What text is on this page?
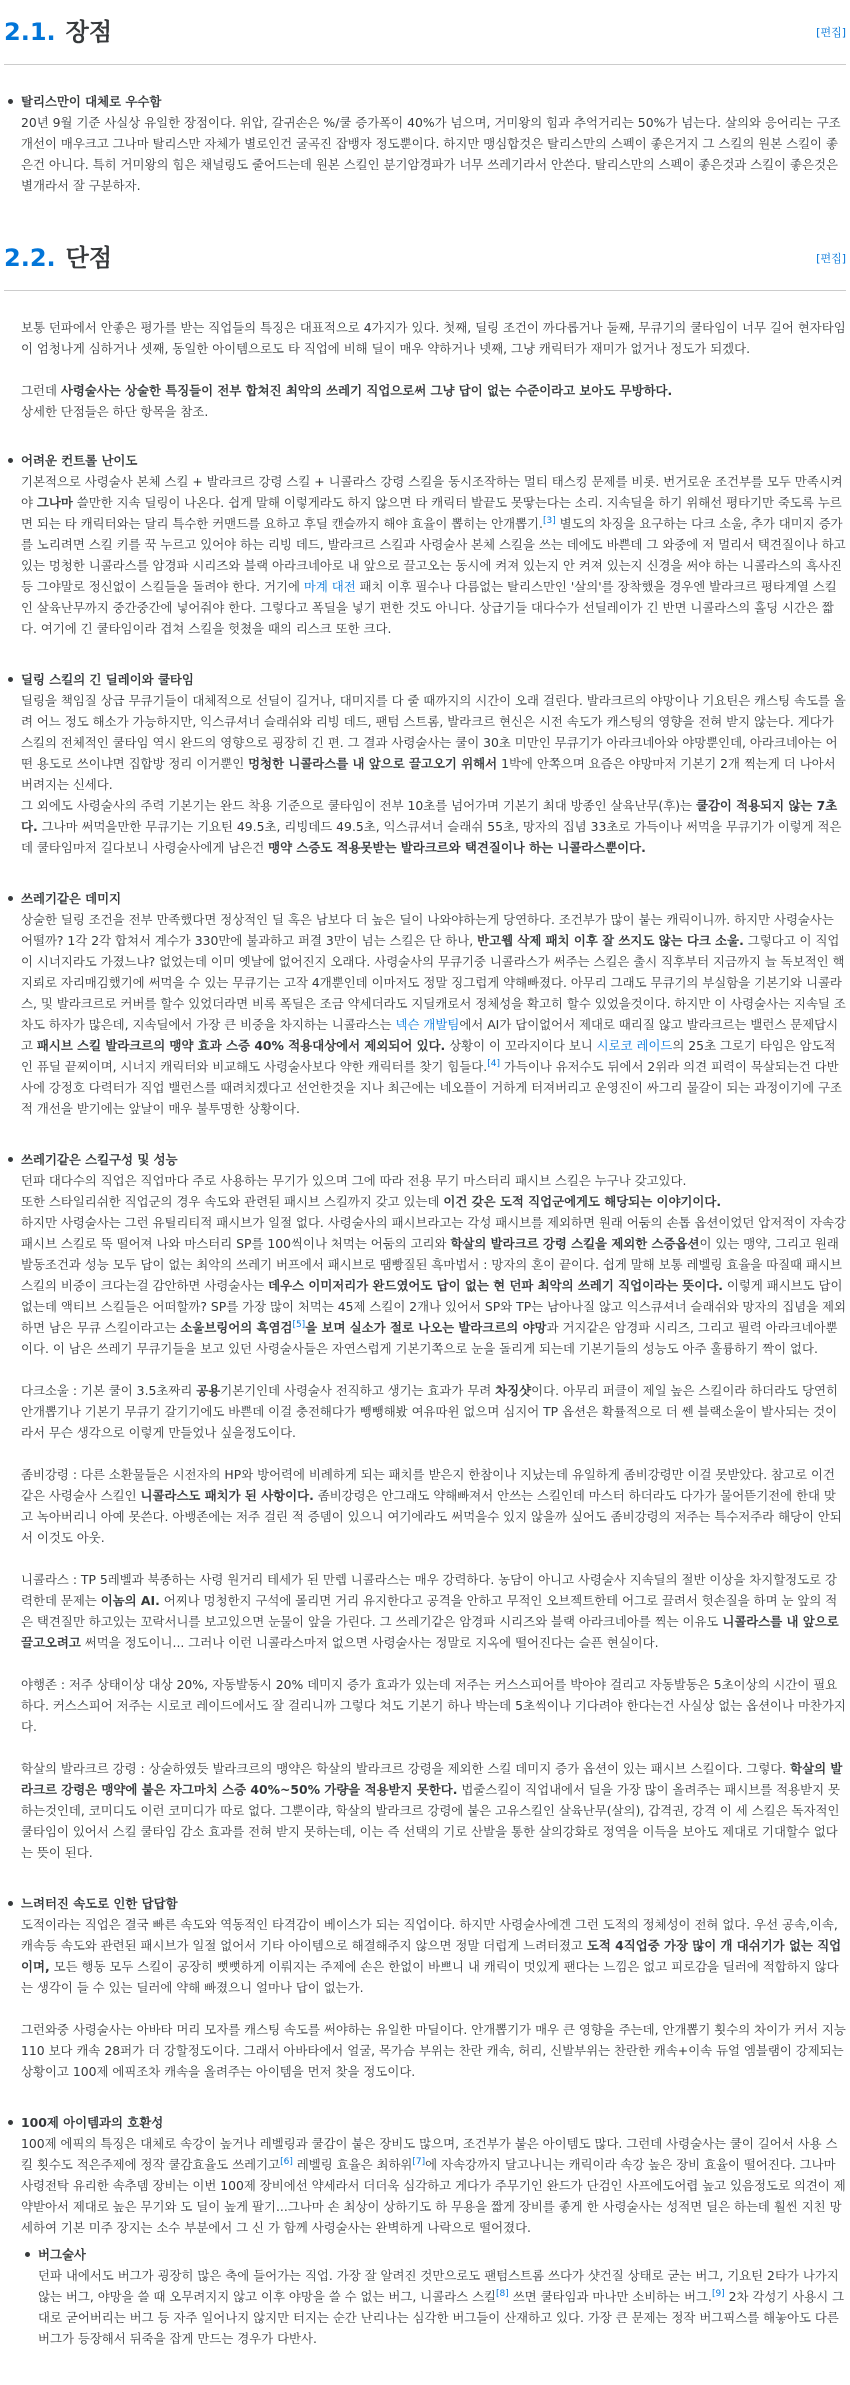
2.1. 장점	[편집]
탈리스만이 대체로 우수함
20년 9월 기준 사실상 유일한 장점이다. 위압, 갈귀손은 %/쿨 증가폭이 40%가 넘으며, 거미왕의 힘과 추억거리는 50%가 넘는다. 살의와 응어리는 구조개선이 매우크고 그나마 탈리스만 자체가 별로인건 굴곡진 잡뱅자 정도뿐이다. 하지만 맹심합것은 탈리스만의 스펙이 좋은거지 그 스킬의 원본 스킬이 좋은건 아니다. 특히 거미왕의 힘은 채널링도 줄어드는데 원본 스킬인 분기암경파가 너무 쓰레기라서 안쓴다. 탈리스만의 스펙이 좋은것과 스킬이 좋은것은 별개라서 잘 구분하자.
2.2. 단점	[편집]

보통 던파에서 안좋은 평가를 받는 직업들의 특징은 대표적으로 4가지가 있다. 첫째, 딜링 조건이 까다롭거나 둘째, 무큐기의 쿨타임이 너무 길어 현자타임이 엄청나게 심하거나 셋째, 동일한 아이템으로도 타 직업에 비해 딜이 매우 약하거나 넷째, 그냥 캐릭터가 재미가 없거나 정도가 되겠다.

그런데 사령술사는 상술한 특징들이 전부 합쳐진 최악의 쓰레기 직업으로써 그냥 답이 없는 수준이라고 보아도 무방하다.
상세한 단점들은 하단 항목을 참조.

어려운 컨트롤 난이도
기본적으로 사령술사 본체 스킬 + 발라크르 강령 스킬 + 니콜라스 강령 스킬을 동시조작하는 멀티 태스킹 문제를 비롯. 번거로운 조건부를 모두 만족시켜야 그나마 쓸만한 지속 딜링이 나온다. 쉽게 말해 이렇게라도 하지 않으면 타 캐릭터 발끝도 못땋는다는 소리. 지속딜을 하기 위해선 평타기만 죽도록 누르면 되는 타 캐릭터와는 달리 특수한 커맨드를 요하고 후딜 캔슬까지 해야 효율이 뽑히는 안개뽑기.[3] 별도의 차징을 요구하는 다크 소울, 추가 대미지 증가를 노리려면 스킬 키를 꾹 누르고 있어야 하는 리빙 데드, 발라크르 스킬과 사령술사 본체 스킬을 쓰는 데에도 바쁜데 그 와중에 저 멀리서 택견질이나 하고 있는 멍청한 니콜라스를 암경파 시리즈와 블랙 아라크네아로 내 앞으로 끌고오는 동시에 켜져 있는지 안 켜져 있는지 신경을 써야 하는 니콜라스의 흑사진 등 그야말로 정신없이 스킬들을 돌려야 한다. 거기에 마계 대전 패치 이후 필수나 다름없는 탈리스만인 '살의'를 장착했을 경우엔 발라크르 평타계열 스킬인 살육난무까지 중간중간에 넣어줘야 한다. 그렇다고 폭딜을 넣기 편한 것도 아니다. 상급기들 대다수가 선딜레이가 긴 반면 니콜라스의 홀딩 시간은 짧다. 여기에 긴 쿨타임이라 겹쳐 스킬을 헛쳤을 때의 리스크 또한 크다.
딜링 스킬의 긴 딜레이와 쿨타임
딜링을 책임질 상급 무큐기들이 대체적으로 선딜이 길거나, 대미지를 다 줄 때까지의 시간이 오래 걸린다. 발라크르의 야망이나 기요틴은 캐스팅 속도를 올려 어느 정도 해소가 가능하지만, 익스큐셔너 슬래쉬와 리빙 데드, 팬텀 스트롬, 발라크르 현신은 시전 속도가 캐스팅의 영향을 전혀 받지 않는다. 게다가 스킬의 전체적인 쿨타임 역시 완드의 영향으로 굉장히 긴 편. 그 결과 사령술사는 쿨이 30초 미만인 무큐기가 아라크네아와 야망뿐인데, 아라크네아는 어떤 용도로 쓰이냐면 집합방 정리 이거뿐인 멍청한 니콜라스를 내 앞으로 끌고오기 위해서 1박에 안쪽으며 요즘은 야망마저 기본기 2개 찍는게 더 나아서 버려지는 신세다.
그 외에도 사령술사의 주력 기본기는 완드 착용 기준으로 쿨타임이 전부 10초를 넘어가며 기본기 최대 방종인 살육난무(후)는 쿨감이 적용되지 않는 7초다. 그나마 써먹을만한 무큐기는 기요틴 49.5초, 리빙데드 49.5초, 익스큐셔너 슬래쉬 55초, 망자의 집념 33초로 가득이나 써먹을 무큐기가 이렇게 적은데 쿨타임마저 길다보니 사령술사에게 남은건 맹약 스증도 적용못받는 발라크르와 택견질이나 하는 니콜라스뿐이다.
쓰레기같은 데미지
상술한 딜링 조건을 전부 만족했다면 정상적인 딜 혹은 남보다 더 높은 딜이 나와야하는게 당연하다. 조건부가 많이 붙는 캐릭이니까. 하지만 사령술사는 어떨까? 1각 2각 합쳐서 계수가 330만에 불과하고 퍼결 3만이 넘는 스킬은 단 하나, 반고웹 삭제 패치 이후 잘 쓰지도 않는 다크 소울. 그렇다고 이 직업이 시너지라도 가졌느냐? 없었는데 이미 옛날에 없어진지 오래다. 사령술사의 무큐기중 니콜라스가 써주는 스킬은 출시 직후부터 지금까지 늘 독보적인 핵지뢰로 자리매김했기에 써먹을 수 있는 무큐기는 고작 4개뿐인데 이마저도 정말 징그럽게 약해빠졌다. 아무리 그래도 무큐기의 부실함을 기본기와 니콜라스, 및 발라크르로 커버를 할수 있었더라면 비록 폭딜은 조금 약세더라도 지딜캐로서 정체성을 확고히 할수 있었을것이다. 하지만 이 사령술사는 지속딜 조차도 하자가 많은데, 지속딜에서 가장 큰 비중을 차지하는 니콜라스는 넥슨 개발팀에서 AI가 답이없어서 제대로 때리질 않고 발라크르는 밸런스 문제답시고 패시브 스킬 발라크르의 맹약 효과 스증 40% 적용대상에서 제외되어 있다. 상황이 이 꼬라지이다 보니 시로코 레이드의 25초 그로기 타임은 암도적인 퓨딜 끝찌이며, 시너지 캐릭터와 비교해도 사령술사보다 약한 캐릭터를 찾기 힘들다.[4] 가득이나 유저수도 뒤에서 2위라 의견 피력이 묵살되는건 다반사에 강정호 다력터가 직업 밸런스를 때려치겠다고 선언한것을 지나 최근에는 네오플이 거하게 터져버리고 운영진이 싸그리 물갈이 되는 과정이기에 구조적 개선을 받기에는 앞날이 매우 불투명한 상황이다.
쓰레기같은 스킬구성 및 성능
던파 대다수의 직업은 직업마다 주로 사용하는 무기가 있으며 그에 따라 전용 무기 마스터리 패시브 스킬은 누구나 갖고있다.
또한 스타일리쉬한 직업군의 경우 속도와 관련된 패시브 스킬까지 갖고 있는데 이건 갖은 도적 직업군에게도 해당되는 이야기이다.
하지만 사령술사는 그런 유틸리티적 패시브가 일절 없다. 사령술사의 패시브라고는 각성 패시브를 제외하면 원래 어둠의 손톱 옵션이었던 압저적이 자속강 패시브 스킬로 뚝 떨어져 나와 마스터리 SP를 100씩이나 처먹는 어둠의 고리와 학살의 발라크르 강령 스킬을 제외한 스증옵션이 있는 맹약, 그리고 원래 발동조건과 성능 모두 답이 없는 최악의 쓰레기 버프에서 패시브로 땜빵질된 흑마법서 : 망자의 혼이 끝이다. 쉽게 말해 보통 레벨링 효율을 따질때 패시브 스킬의 비중이 크다는걸 감안하면 사령술사는 데우스 이미저리가 완드였어도 답이 없는 현 던파 최악의 쓰레기 직업이라는 뜻이다. 이렇게 패시브도 답이 없는데 액티브 스킬들은 어떠할까? SP를 가장 많이 처먹는 45제 스킬이 2개나 있어서 SP와 TP는 남아나질 않고 익스큐셔너 슬래쉬와 망자의 집념을 제외하면 남은 무큐 스킬이라고는 소울브링어의 흑염검[5]을 보며 실소가 절로 나오는 발라크르의 야망과 거지같은 암경파 시리즈, 그리고 필력 아라크네아뿐이다. 이 남은 쓰레기 무큐기들을 보고 있던 사령술사들은 자연스럽게 기본기쪽으로 눈을 돌리게 되는데 기본기들의 성능도 아주 훌륭하기 짝이 없다.

다크소울 : 기본 쿨이 3.5초짜리 공용기본기인데 사령술사 전직하고 생기는 효과가 무려 차징샷이다. 아무리 퍼클이 제일 높은 스킬이라 하더라도 당연히 안개뽑기나 기본기 무큐기 갈기기에도 바쁜데 이걸 충전해다가 뺑뺑해봤 여유따윈 없으며 심지어 TP 옵션은 확률적으로 더 쎈 블랙소울이 발사되는 것이라서 무슨 생각으로 이렇게 만들었나 싶을정도이다.

좀비강령 : 다른 소환물들은 시전자의 HP와 방어력에 비례하게 되는 패치를 받은지 한참이나 지났는데 유일하게 좀비강령만 이걸 못받았다. 참고로 이건 같은 사령술사 스킬인 니콜라스도 패치가 된 사항이다. 좀비강령은 안그래도 약해빠져서 안쓰는 스킬인데 마스터 하더라도 다가가 물어뜯기전에 한대 맞고 녹아버리니 아예 못쓴다. 아뱅존에는 저주 걸린 적 증뎀이 있으니 여기에라도 써먹을수 있지 않을까 싶어도 좀비강령의 저주는 특수저주라 해당이 안되서 이것도 아웃.

니콜라스 : TP 5레벨과 북종하는 사령 원거리 테세가 된 만렙 니콜라스는 매우 강력하다. 농담이 아니고 사령술사 지속딜의 절반 이상을 차지할정도로 강력한데 문제는 이놈의 AI. 어찌나 멍청한지 구석에 몰리면 거리 유지한다고 공격을 안하고 무적인 오브젝트한테 어그로 끌려서 헛손질을 하며 눈 앞의 적은 택견질만 하고있는 꼬락서니를 보고있으면 눈물이 앞을 가린다. 그 쓰레기같은 암경파 시리즈와 블랙 아라크네아를 찍는 이유도 니콜라스를 내 앞으로 끌고오려고 써먹을 정도이니... 그러나 이런 니콜라스마저 없으면 사령술사는 정말로 지옥에 떨어진다는 슬픈 현실이다.

야행존 : 저주 상태이상 대상 20%, 자동발동시 20% 데미지 증가 효과가 있는데 저주는 커스스피어를 박아야 걸리고 자동발동은 5초이상의 시간이 필요하다. 커스스피어 저주는 시로코 레이드에서도 잘 걸리니까 그렇다 쳐도 기본기 하나 박는데 5초씩이나 기다려야 한다는건 사실상 없는 옵션이나 마찬가지다.

학살의 발라크르 강령 : 상술하였듯 발라크르의 맹약은 학살의 발라크르 강령을 제외한 스킬 데미지 증가 옵션이 있는 패시브 스킬이다. 그렇다. 학살의 발라크르 강령은 맹약에 붙은 자그마치 스증 40%~50% 가량을 적용받지 못한다. 법줄스킬이 직업내에서 딜을 가장 많이 올려주는 패시브를 적용받지 못하는것인데, 코미디도 이런 코미디가 따로 없다. 그뿐이랴, 학살의 발라크르 강령에 붙은 고유스킬인 살육난무(살의), 갑격권, 강격 이 세 스킬은 독자적인 쿨타임이 있어서 스킬 쿨타임 감소 효과를 전혀 받지 못하는데, 이는 즉 선택의 기로 산발을 통한 살의강화로 정역을 이득을 보아도 제대로 기대할수 없다는 뜻이 된다.
느려터진 속도로 인한 답답함
도적이라는 직업은 결국 빠른 속도와 역동적인 타격감이 베이스가 되는 직업이다. 하지만 사령술사에겐 그런 도적의 정체성이 전혀 없다. 우선 공속,이속,캐속등 속도와 관련된 패시브가 일절 없어서 기타 아이템으로 해결해주지 않으면 정말 더럽게 느려터졌고 도적 4직업중 가장 많이 개 대쉬기가 없는 직업이며, 모든 행동 모두 스킬이 공장히 뻣뻣하게 이뤄지는 주제에 손은 한없이 바쁘니 내 캐릭이 멋있게 팬다는 느낌은 없고 피로감을 딜러에 적합하지 않다는 생각이 들 수 있는 딜러에 약해 빠졌으니 얼마나 답이 없는가.

그런와중 사령술사는 아바타 머리 모자를 캐스팅 속도를 써야하는 유일한 마딜이다. 안개뽑기가 매우 큰 영향을 주는데, 안개뽑기 횟수의 차이가 커서 지능110 보다 캐속 28퍼가 더 강할정도이다. 그래서 아바타에서 얼굴, 목가슴 부위는 찬란 캐속, 허리, 신발부위는 찬란한 캐속+이속 듀얼 엠블램이 강제되는 상황이고 100제 에픽조차 캐속을 올려주는 아이템을 먼저 찾을 정도이다.
100제 아이템과의 호환성
100제 에픽의 특징은 대체로 속강이 높거나 레벨링과 쿨감이 붙은 장비도 많으며, 조건부가 붙은 아이템도 많다. 그런데 사령술사는 쿨이 길어서 사용 스킬 횟수도 적은주제에 정작 쿨감효율도 쓰레기고[6] 레벨링 효율은 최하위[7]에 자속강까지 달고나니는 캐릭이라 속강 높은 장비 효율이 떨어진다. 그나마 사령전탁 유리한 속추뎀 장비는 이번 100제 장비에선 약세라서 더더욱 심각하고 게다가 주무기인 완드가 단검인 사프에도어렵 높고 있음정도로 의견이 제약받아서 제대로 높은 무기와 도 딜이 높게 팔기...그나마 손 최상이 상하기도 하 무용을 짧게 장비를 좋게 한 사령술사는 성적면 딜은 하는데 훨씬 지친 망세하여 기본 미주 장지는 소수 부분에서 그 신 가 함께 사령술사는 완벽하게 나락으로 떨어졌다.
버그술사
던파 내에서도 버그가 굉장히 많은 축에 들어가는 직업. 가장 잘 알려진 것만으로도 팬텀스트롬 쓰다가 샷건질 상태로 굳는 버그, 기요틴 2타가 나가지 않는 버그, 야망을 쓸 때 오무려지지 않고 이후 야망을 쓸 수 없는 버그, 니콜라스 스킬[8] 쓰면 쿨타임과 마나만 소비하는 버그.[9] 2차 각성기 사용시 그대로 굳어버리는 버그 등 자주 일어나지 않지만 터지는 순간 난리나는 심각한 버그들이 산재하고 있다. 가장 큰 문제는 정작 버그픽스를 해놓아도 다른 버그가 등장해서 뒤죽을 잡게 만드는 경우가 다반사.
